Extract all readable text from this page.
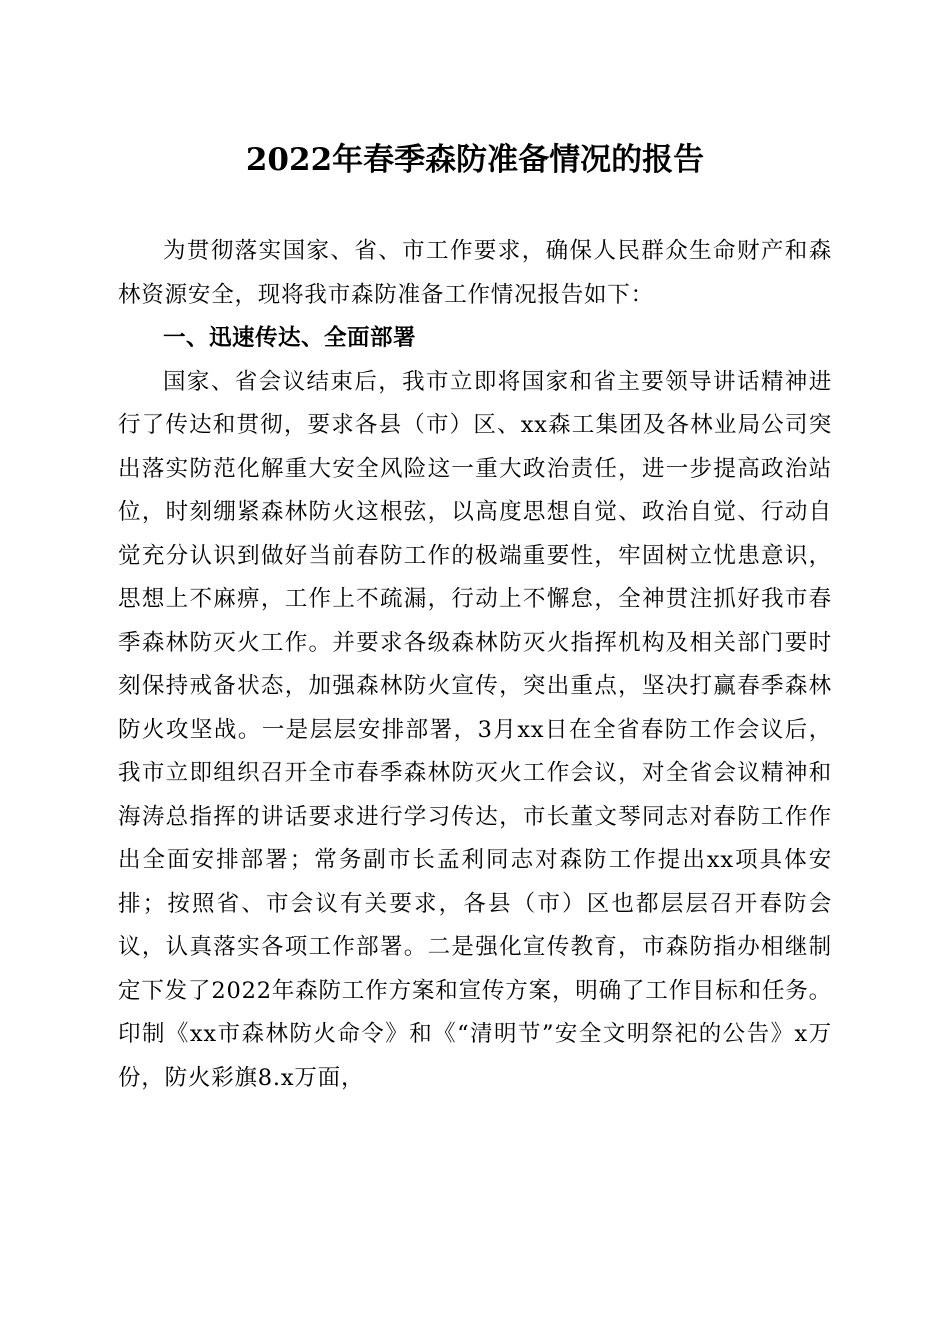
2022年春季森防准备情况的报告

为贯彻落实国家、省、市工作要求，确保人民群众生命财产和森林资源安全，现将我市森防准备工作情况报告如下：

一、迅速传达、全面部署

国家、省会议结束后，我市立即将国家和省主要领导讲话精神进行了传达和贯彻，要求各县（市）区、xx森工集团及各林业局公司突出落实防范化解重大安全风险这一重大政治责任，进一步提高政治站位，时刻绷紧森林防火这根弦，以高度思想自觉、政治自觉、行动自觉充分认识到做好当前春防工作的极端重要性，牢固树立忧患意识，思想上不麻痹，工作上不疏漏，行动上不懈怠，全神贯注抓好我市春季森林防灭火工作。并要求各级森林防灭火指挥机构及相关部门要时刻保持戒备状态，加强森林防火宣传，突出重点，坚决打赢春季森林防火攻坚战。一是层层安排部署，3月xx日在全省春防工作会议后，我市立即组织召开全市春季森林防灭火工作会议，对全省会议精神和海涛总指挥的讲话要求进行学习传达，市长董文琴同志对春防工作作出全面安排部署；常务副市长孟利同志对森防工作提出xx项具体安排；按照省、市会议有关要求，各县（市）区也都层层召开春防会议，认真落实各项工作部署。二是强化宣传教育，市森防指办相继制定下发了2022年森防工作方案和宣传方案，明确了工作目标和任务。印制《xx市森林防火命令》和《“清明节”安全文明祭祀的公告》x万份，防火彩旗8.x万面，
